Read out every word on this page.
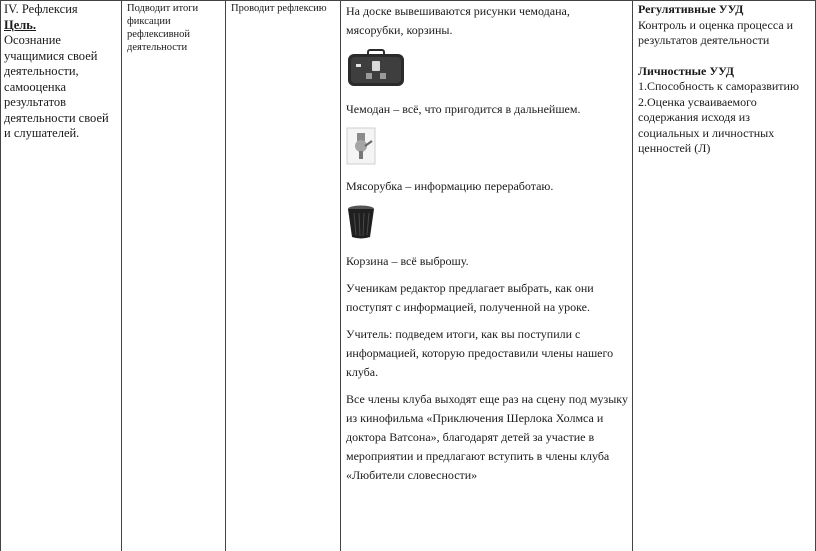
IV. Рефлексия
Цель.
Осознание учащимися своей деятельности, самооценка результатов деятельности своей и слушателей.
Подводит итоги фиксации рефлексивной деятельности
Проводит рефлексию	На доске вывешиваются рисунки чемодана, мясорубки, корзины.

Чемодан – всё, что пригодится в дальнейшем.

Мясорубка – информацию переработаю.

Корзина – всё выброшу.

Ученикам редактор предлагает выбрать, как они поступят с информацией, полученной на уроке.

Учитель: подведем итоги, как вы поступили с информацией, которую предоставили члены нашего клуба.

Все члены клуба выходят еще раз на сцену под музыку из кинофильма «Приключения Шерлока Холмса и доктора Ватсона», благодарят детей за участие в мероприятии и предлагают вступить в члены клуба «Любители словесности»

Регулятивные УУД
Контроль и оценка процесса и результатов деятельности
Личностные УУД
1.Способность к саморазвитию
2.Оценка усваиваемого содержания исходя из социальных и личностных ценностей (Л)
